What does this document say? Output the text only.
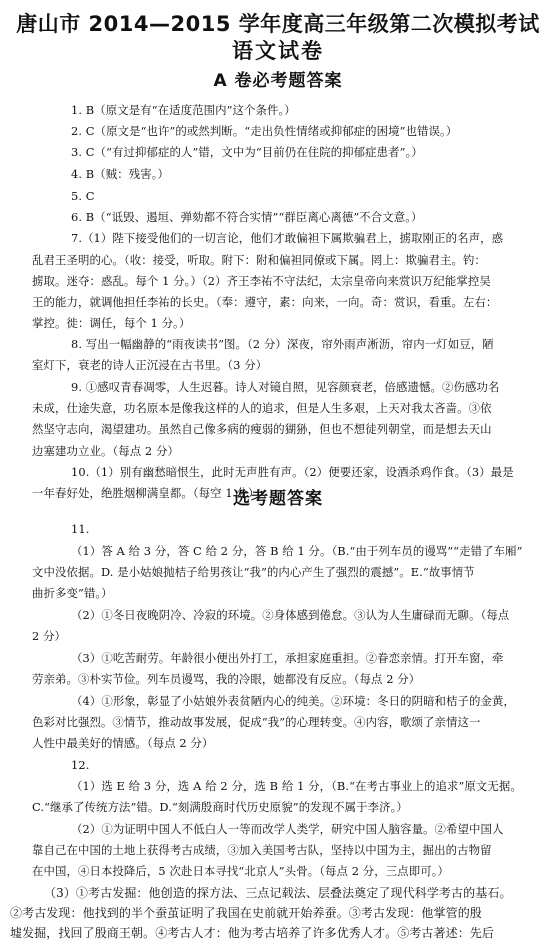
唐山市 2014—2015 学年度高三年级第二次模拟考试
语文试卷
A 卷必考题答案
1. B（原文是有“在适度范围内”这个条件。）
2. C（原文是“也许”的或然判断。“走出负性情绪或抑郁症的困境”也错误。）
3. C（“有过抑郁症的人”错，文中为“目前仍在住院的抑郁症患者”。）
4. B（贼：残害。）
5. C
6. B（“诋毁、遏垣、弹劾都不符合实情”“群臣离心离德”不合文意。）
7.（1）陛下接受他们的一切言论，他们才敢偏袒下属欺骗君上，掳取刚正的名声，惑
乱君王圣明的心。（收：接受，听取。附下：附和偏袒同僚或下属。罔上：欺骗君主。钓：
掳取。迷夺：惑乱。每个 1 分。）（2）齐王李祐不守法纪，太宗皇帝向来赏识万纪能掌控吴
王的能力，就调他担任李祐的长史。（奉：遵守，素：向来，一向。奇：赏识，看重。左右：
掌控。徙：调任，每个 1 分。）
8. 写出一幅幽静的“雨夜读书”图。（2 分）深夜，帘外雨声淅沥，帘内一灯如豆，陋
室灯下，衰老的诗人正沉浸在古书里。（3 分）
9. ①感叹青春凋零，人生迟暮。诗人对镜自照，见容颜衰老，倍感遗憾。②伤感功名
未成，仕途失意，功名原本是像我这样的人的追求，但是人生多艰，上天对我太吝啬。③依
然坚守志向，渴望建功。虽然自己像多病的瘦弱的猢狲，但也不想徒列朝堂，而是想去天山
边塞建功立业。（每点 2 分）
10.（1）别有幽愁暗恨生，此时无声胜有声。（2）便要还家，设酒杀鸡作食。（3）最是
一年春好处，绝胜烟柳满皇都。（每空 1 分）
选考题答案
11.
（1）答 A 给 3 分，答 C 给 2 分，答 B 给 1 分。（B.“由于列车员的谩骂”“走错了车厢”
文中没依据。D. 是小姑娘抛桔子给男孩让“我”的内心产生了强烈的震撼”。E.“故事情节
曲折多变”错。）
（2）①冬日夜晚阴冷、冷寂的环境。②身体感到倦怠。③认为人生庸碌而无聊。（每点
2 分）
（3）①吃苦耐劳。年龄很小便出外打工，承担家庭重担。②眷恋亲情。打开车窗，牵
劳亲弟。③朴实节俭。列车员谩骂，我的冷眼，她都没有反应。（每点 2 分）
（4）①形象，彰显了小姑娘外表贫陋内心的纯美。②环境：冬日的阴暗和桔子的金黄，
色彩对比强烈。③情节，推动故事发展，促成“我”的心理转变。④内容，歌颂了亲情这一
人性中最美好的情感。（每点 2 分）
12.
（1）选 E 给 3 分，选 A 给 2 分，选 B 给 1 分，（B.“在考古事业上的追求”原文无据。
C.“继承了传统方法”错。D.“刻满殷商时代历史原貌”的发现不属于李济。）
（2）①为证明中国人不低白人一等而改学人类学，研究中国人脑容量。②希望中国人
靠自己在中国的土地上获得考古成绩，③加入美国考古队，坚持以中国为主，掘出的古物留
在中国，④日本投降后，5 次赴日本寻找“北京人”头骨。（每点 2 分，三点即可。）
（3）①考古发掘：他创造的探方法、三点记载法、层叠法奠定了现代科学考古的基石。
②考古发现：他找到的半个蚕茧证明了我国在史前就开始养蚕。③考古发现：他掌管的殷
墟发掘，找回了殷商王朝。④考古人才：他为考古培养了许多优秀人才。⑤考古著述：先后
